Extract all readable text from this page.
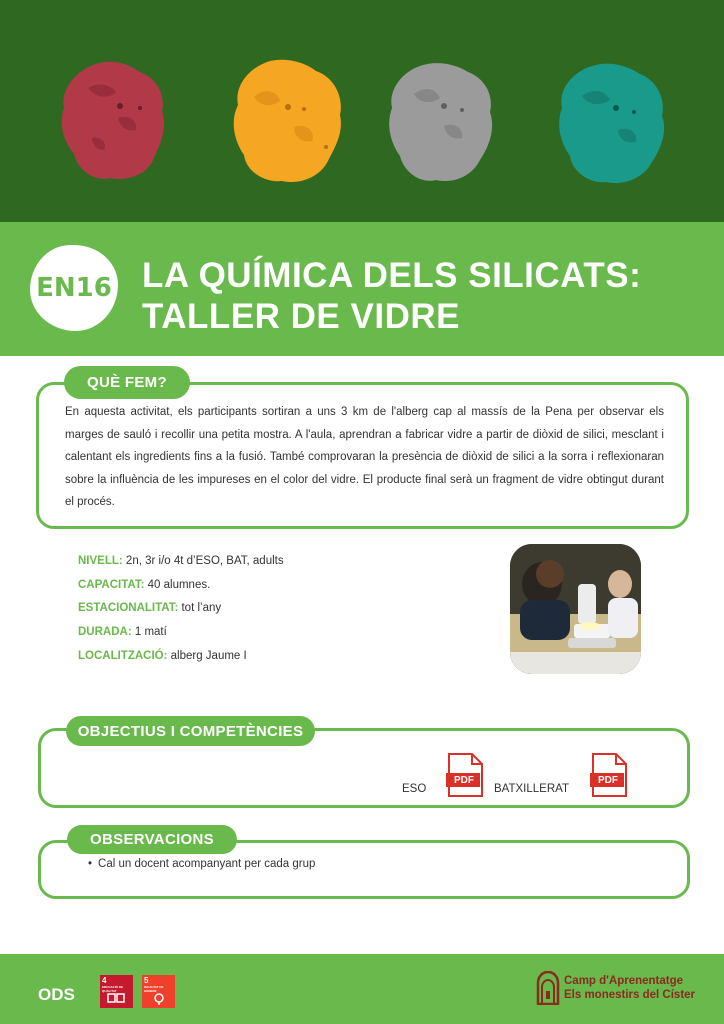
EN16 LA QUÍMICA DELS SILICATS:
TALLER DE VIDRE
QUÈ FEM?
En aquesta activitat, els participants sortiran a uns 3 km de l'alberg cap al massís de la Pena per observar els marges de sauló i recollir una petita mostra. A l'aula, aprendran a fabricar vidre a partir de diòxid de silici, mesclant i calentant els ingredients fins a la fusió. També comprovaran la presència de diòxid de silici a la sorra i reflexionaran sobre la influència de les impureses en el color del vidre. El producte final serà un fragment de vidre obtingut durant el procés.
NIVELL: 2n, 3r i/o 4t d’ESO, BAT, adults
CAPACITAT: 40 alumnes.
ESTACIONALITAT: tot l’any
DURADA: 1 matí
LOCALITZACIÓ: alberg Jaume I
OBJECTIUS I COMPETÈNCIES
ESO
PDF
BATXILLERAT
PDF
OBSERVACIONS
• Cal un docent acompanyant per cada grup
ODS
4
EDUCACIÓ DE QUALITAT
5
IGUALTAT DE GÈNERE
Camp d'Aprenentatge
Els monestirs del Císter
